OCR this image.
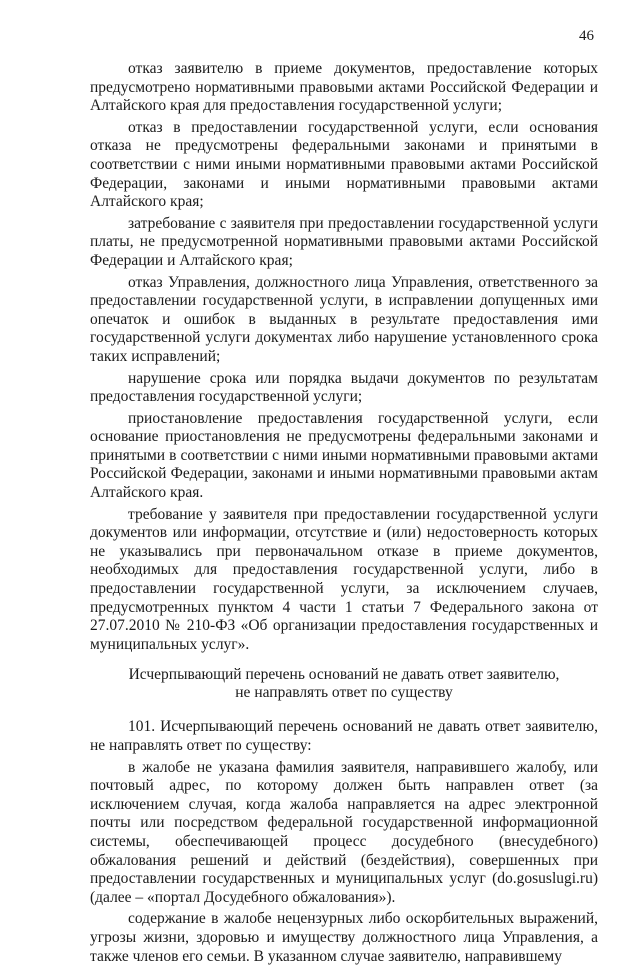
46

отказ заявителю в приеме документов, предоставление которых предусмотрено нормативными правовыми актами Российской Федерации и Алтайского края для предоставления государственной услуги;

отказ в предоставлении государственной услуги, если основания отказа не предусмотрены федеральными законами и принятыми в соответствии с ними иными нормативными правовыми актами Российской Федерации, законами и иными нормативными правовыми актами Алтайского края;

затребование с заявителя при предоставлении государственной услуги платы, не предусмотренной нормативными правовыми актами Российской Федерации и Алтайского края;

отказ Управления, должностного лица Управления, ответственного за предоставлении государственной услуги, в исправлении допущенных ими опечаток и ошибок в выданных в результате предоставления ими государственной услуги документах либо нарушение установленного срока таких исправлений;

нарушение срока или порядка выдачи документов по результатам предоставления государственной услуги;

приостановление предоставления государственной услуги, если основание приостановления не предусмотрены федеральными законами и принятыми в соответствии с ними иными нормативными правовыми актами Российской Федерации, законами и иными нормативными правовыми актам Алтайского края.

требование у заявителя при предоставлении государственной услуги документов или информации, отсутствие и (или) недостоверность которых не указывались при первоначальном отказе в приеме документов, необходимых для предоставления государственной услуги, либо в предоставлении государственной услуги, за исключением случаев, предусмотренных пунктом 4 части 1 статьи 7 Федерального закона от 27.07.2010 № 210-ФЗ «Об организации предоставления государственных и муниципальных услуг».

Исчерпывающий перечень оснований не давать ответ заявителю,
не направлять ответ по существу

101. Исчерпывающий перечень оснований не давать ответ заявителю, не направлять ответ по существу:

в жалобе не указана фамилия заявителя, направившего жалобу, или почтовый адрес, по которому должен быть направлен ответ (за исключением случая, когда жалоба направляется на адрес электронной почты или посредством федеральной государственной информационной системы, обеспечивающей процесс досудебного (внесудебного) обжалования решений и действий (бездействия), совершенных при предоставлении государственных и муниципальных услуг (do.gosuslugi.ru) (далее – «портал Досудебного обжалования»).

содержание в жалобе нецензурных либо оскорбительных выражений, угрозы жизни, здоровью и имуществу должностного лица Управления, а также членов его семьи. В указанном случае заявителю, направившему
